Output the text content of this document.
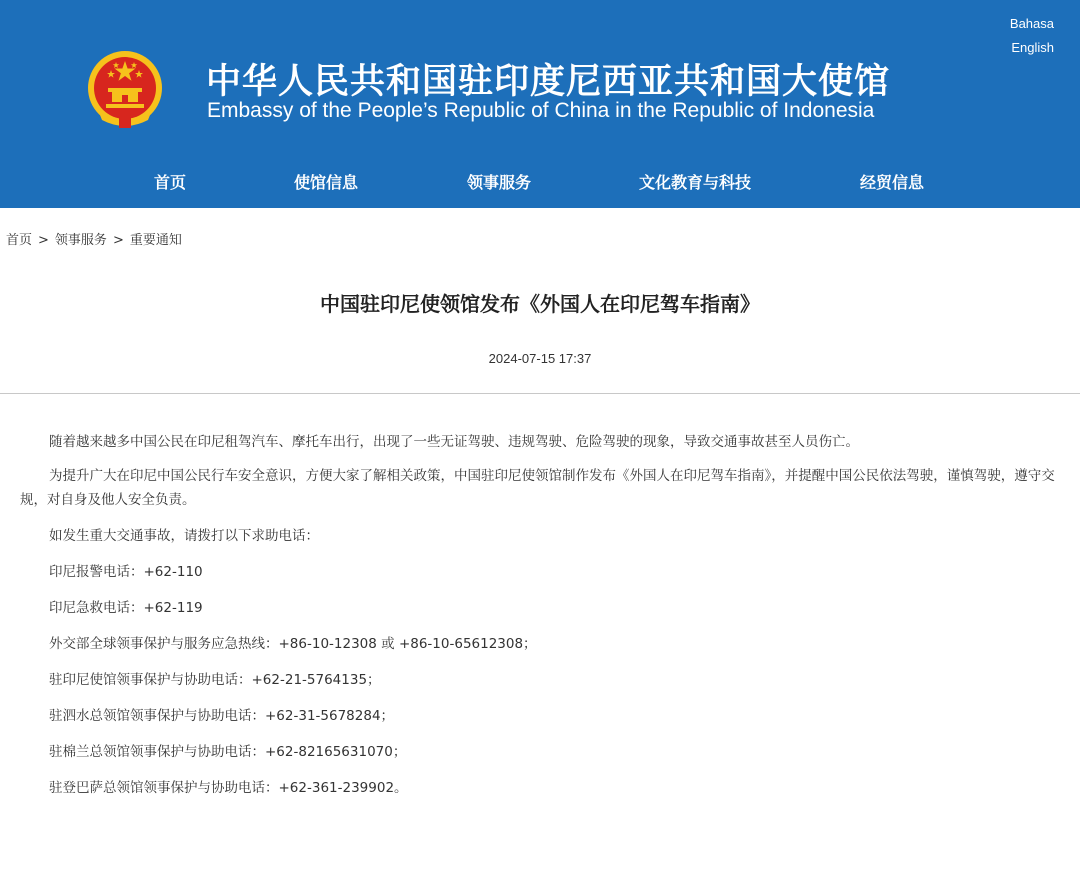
中华人民共和国驻印度尼西亚共和国大使馆
Embassy of the People’s Republic of China in the Republic of Indonesia
Bahasa
English
首页	使馆信息	领事服务	文化教育与科技	经贸信息
首页 > 领事服务 > 重要通知
中国驻印尼使领馆发布《外国人在印尼驾车指南》
2024-07-15 17:37

随着越来越多中国公民在印尼租驾汽车、摩托车出行，出现了一些无证驾驶、违规驾驶、危险驾驶的现象，导致交通事故甚至人员伤亡。

为提升广大在印尼中国公民行车安全意识，方便大家了解相关政策，中国驻印尼使领馆制作发布《外国人在印尼驾车指南》，并提醒中国公民依法驾驶，谨慎驾驶，遵守交规，对自身及他人安全负责。

如发生重大交通事故，请拨打以下求助电话：

印尼报警电话：+62-110

印尼急救电话：+62-119

外交部全球领事保护与服务应急热线：+86-10-12308 或 +86-10-65612308；

驻印尼使馆领事保护与协助电话：+62-21-5764135；

驻泗水总领馆领事保护与协助电话：+62-31-5678284；

驻棉兰总领馆领事保护与协助电话：+62-82165631070；

驻登巴萨总领馆领事保护与协助电话：+62-361-239902。
